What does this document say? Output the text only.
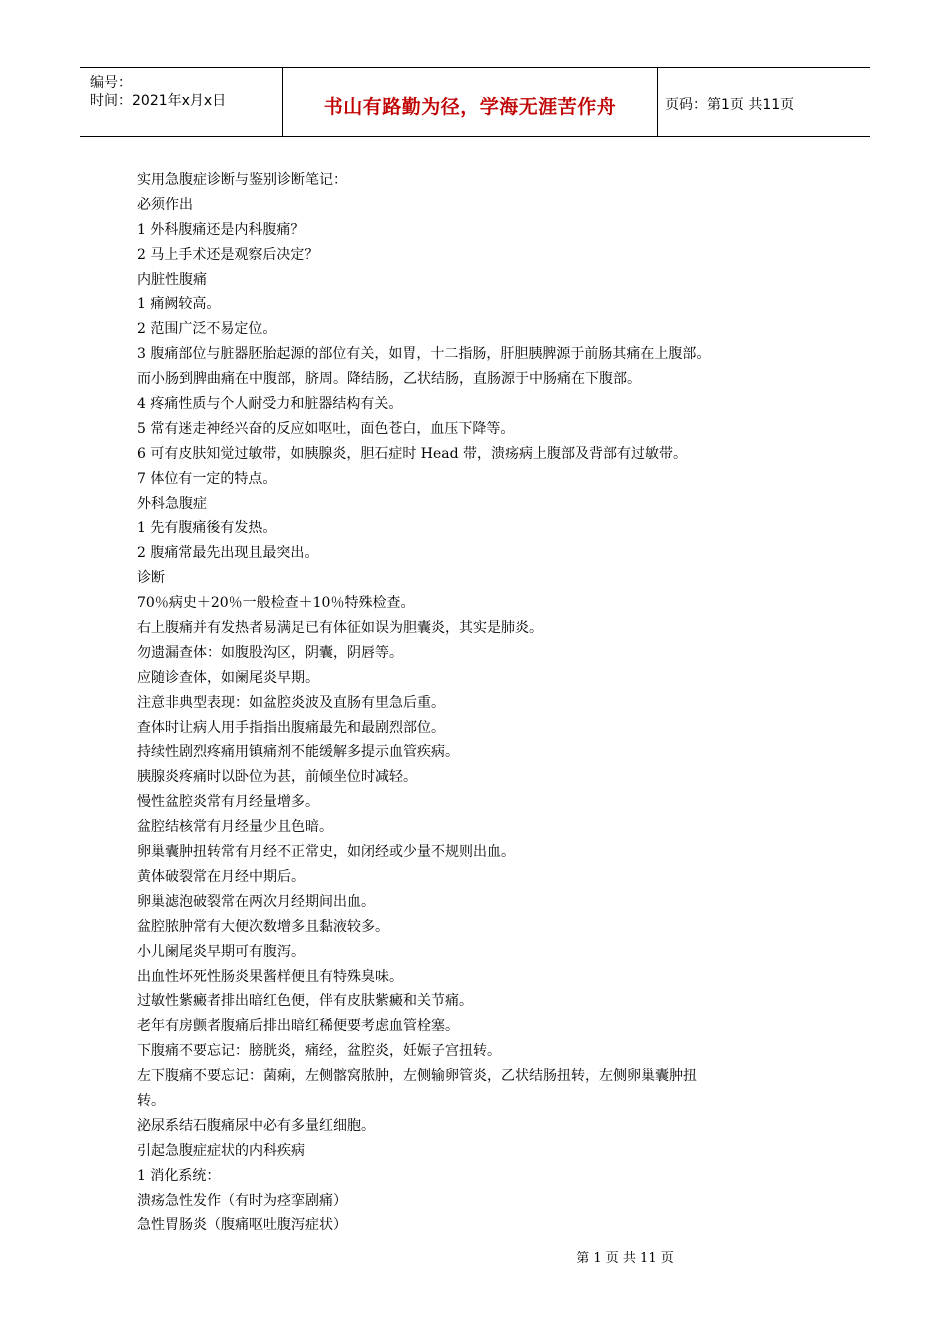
编号：
时间：2021年x月x日	书山有路勤为径，学海无涯苦作舟	页码：第1页 共11页
实用急腹症诊断与鉴别诊断笔记：
必须作出
1 外科腹痛还是内科腹痛？
2 马上手术还是观察后决定？
内脏性腹痛
1 痛阙较高。
2 范围广泛不易定位。
3 腹痛部位与脏器胚胎起源的部位有关，如胃，十二指肠，肝胆胰脾源于前肠其痛在上腹部。
而小肠到脾曲痛在中腹部，脐周。降结肠，乙状结肠，直肠源于中肠痛在下腹部。
4 疼痛性质与个人耐受力和脏器结构有关。
5 常有迷走神经兴奋的反应如呕吐，面色苍白，血压下降等。
6 可有皮肤知觉过敏带，如胰腺炎，胆石症时 Head 带，溃疡病上腹部及背部有过敏带。
7 体位有一定的特点。
外科急腹症
1 先有腹痛後有发热。
2 腹痛常最先出现且最突出。
诊断
70％病史＋20％一般检查＋10％特殊检查。
右上腹痛并有发热者易满足已有体征如误为胆囊炎，其实是肺炎。
勿遗漏查体：如腹股沟区，阴囊，阴唇等。
应随诊查体，如阑尾炎早期。
注意非典型表现：如盆腔炎波及直肠有里急后重。
查体时让病人用手指指出腹痛最先和最剧烈部位。
持续性剧烈疼痛用镇痛剂不能缓解多提示血管疾病。
胰腺炎疼痛时以卧位为甚，前倾坐位时减轻。
慢性盆腔炎常有月经量增多。
盆腔结核常有月经量少且色暗。
卵巢囊肿扭转常有月经不正常史，如闭经或少量不规则出血。
黄体破裂常在月经中期后。
卵巢滤泡破裂常在两次月经期间出血。
盆腔脓肿常有大便次数增多且黏液较多。
小儿阑尾炎早期可有腹泻。
出血性坏死性肠炎果酱样便且有特殊臭味。
过敏性紫癜者排出暗红色便，伴有皮肤紫癜和关节痛。
老年有房颤者腹痛后排出暗红稀便要考虑血管栓塞。
下腹痛不要忘记：膀胱炎，痛经，盆腔炎，妊娠子宫扭转。
左下腹痛不要忘记：菌痢，左侧髂窝脓肿，左侧输卵管炎，乙状结肠扭转，左侧卵巢囊肿扭
转。
泌尿系结石腹痛尿中必有多量红细胞。
引起急腹症症状的内科疾病
1 消化系统：
溃疡急性发作（有时为痉挛剧痛）
急性胃肠炎（腹痛呕吐腹泻症状）
第 1 页 共 11 页
